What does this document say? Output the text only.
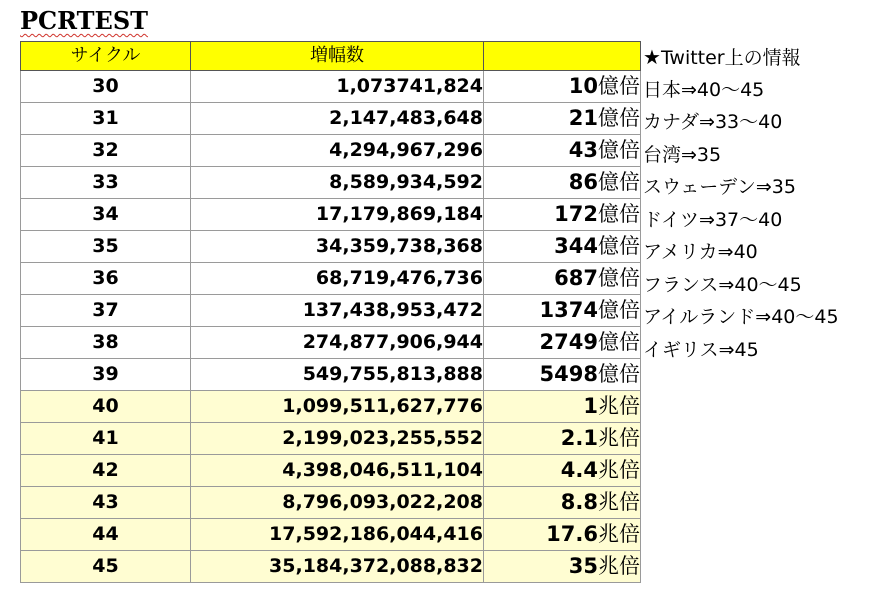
PCRTEST
サイクル	増幅数	
30	1,073741,824	10億倍
31	2,147,483,648	21億倍
32	4,294,967,296	43億倍
33	8,589,934,592	86億倍
34	17,179,869,184	172億倍
35	34,359,738,368	344億倍
36	68,719,476,736	687億倍
37	137,438,953,472	1374億倍
38	274,877,906,944	2749億倍
39	549,755,813,888	5498億倍
40	1,099,511,627,776	1兆倍
41	2,199,023,255,552	2.1兆倍
42	4,398,046,511,104	4.4兆倍
43	8,796,093,022,208	8.8兆倍
44	17,592,186,044,416	17.6兆倍
45	35,184,372,088,832	35兆倍
★Twitter上の情報
日本⇒40～45
カナダ⇒33～40
台湾⇒35
スウェーデン⇒35
ドイツ⇒37～40
アメリカ⇒40
フランス⇒40～45
アイルランド⇒40～45
イギリス⇒45
